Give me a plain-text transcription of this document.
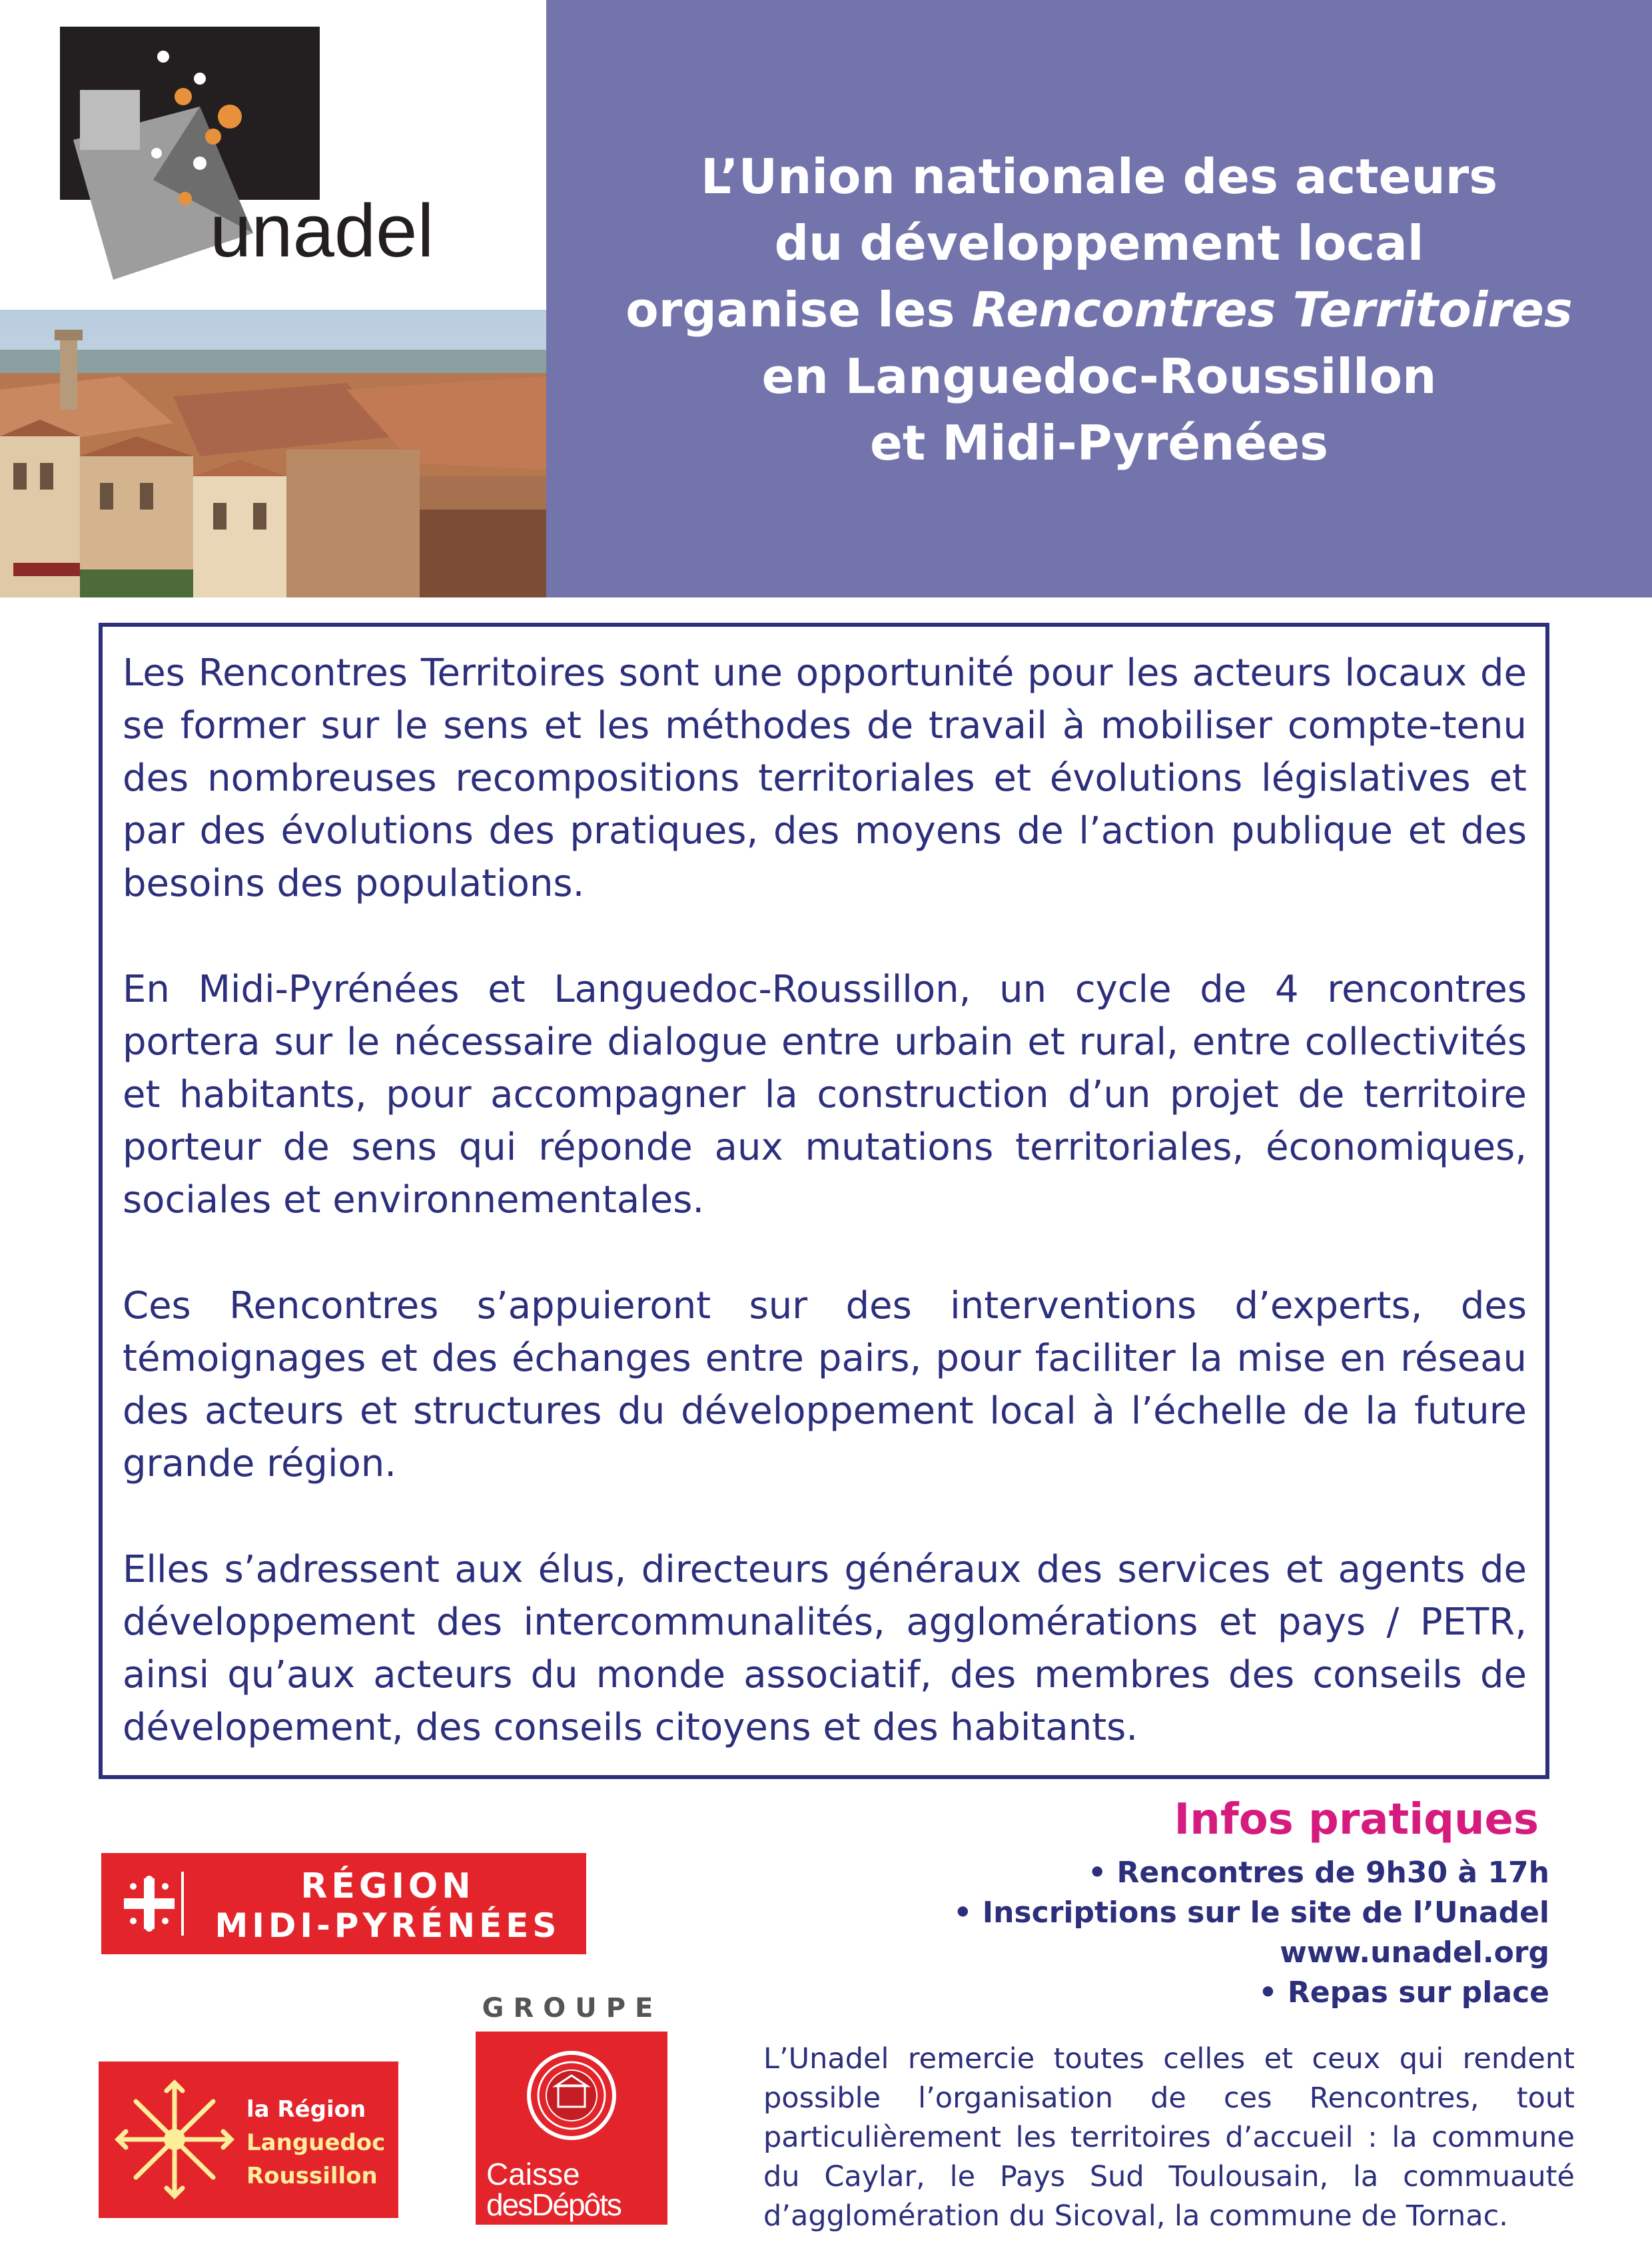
unadel
L’Union nationale des acteurs
du développement local
organise les Rencontres Territoires
en Languedoc-Roussillon
et Midi-Pyrénées

Les Rencontres Territoires sont une opportunité pour les acteurs locaux de se former sur le sens et les méthodes de travail à mobiliser compte-tenu des nombreuses recompositions territoriales et évolutions législatives et par des évolutions des pratiques, des moyens de l’action publique et des besoins des populations.

En Midi-Pyrénées et Languedoc-Roussillon, un cycle de 4 rencontres portera sur le nécessaire dialogue entre urbain et rural, entre collectivités et habitants, pour accompagner la construction d’un projet de territoire porteur de sens qui réponde aux mutations territoriales, économiques, sociales et environnementales.

Ces Rencontres s’appuieront sur des interventions d’experts, des témoignages et des échanges entre pairs, pour faciliter la mise en réseau des acteurs et structures du développement local à l’échelle de la future grande région.

Elles s’adressent aux élus, directeurs généraux des services et agents de développement des intercommunalités, agglomérations et pays / PETR, ainsi qu’aux acteurs du monde associatif, des membres des conseils de dévelopement, des conseils citoyens et des habitants.

Infos pratiques
• Rencontres de 9h30 à 17h
• Inscriptions sur le site de l’Unadel www.unadel.org
• Repas sur place
L’Unadel remercie toutes celles et ceux qui rendent possible l’organisation de ces Rencontres, tout particulièrement les territoires d’accueil : la commune du Caylar, le Pays Sud Toulousain, la commuauté d’agglomération du Sicoval, la commune de Tornac.
RÉGION
MIDI-PYRÉNÉES
la Région
Languedoc
Roussillon
GROUPE
Caisse
desDépôts
